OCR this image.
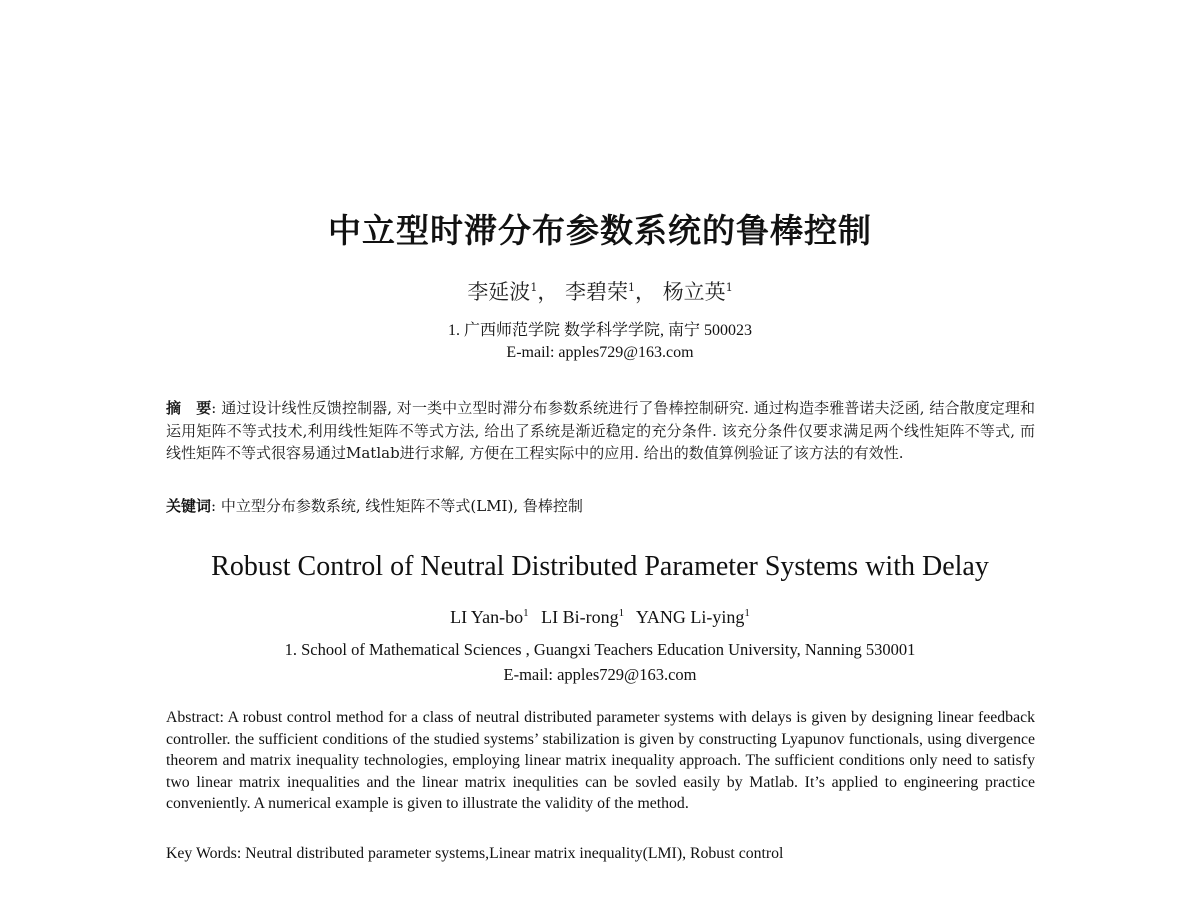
中立型时滞分布参数系统的鲁棒控制
李延波$^1$， 李碧荣$^1$， 杨立英$^1$
1. 广西师范学院 数学科学学院, 南宁 500023
E-mail: apples729@163.com
摘　要: 通过设计线性反馈控制器, 对一类中立型时滞分布参数系统进行了鲁棒控制研究. 通过构造李雅普诺夫泛函, 结合散度定理和运用矩阵不等式技术,利用线性矩阵不等式方法, 给出了系统是渐近稳定的充分条件. 该充分条件仅要求满足两个线性矩阵不等式, 而线性矩阵不等式很容易通过Matlab进行求解, 方便在工程实际中的应用. 给出的数值算例验证了该方法的有效性.
关键词: 中立型分布参数系统, 线性矩阵不等式(LMI), 鲁棒控制
Robust Control of Neutral Distributed Parameter Systems with Delay
LI Yan-$bo^1$ LI Bi-rong$^1$ YANG Li-ying$^1$
1. School of Mathematical Sciences , Guangxi Teachers Education University, Nanning 530001
E-mail: apples729@163.com
Abstract: A robust control method for a class of neutral distributed parameter systems with delays is given by designing linear feedback controller. the sufficient conditions of the studied systems’ stabilization is given by constructing Lyapunov functionals, using divergence theorem and matrix inequality technologies, employing linear matrix inequality approach. The sufficient conditions only need to satisfy two linear matrix inequalities and the linear matrix inequlities can be sovled easily by Matlab. It’s applied to engineering practice conveniently. A numerical example is given to illustrate the validity of the method.
Key Words: Neutral distributed parameter systems,Linear matrix inequality(LMI), Robust control
